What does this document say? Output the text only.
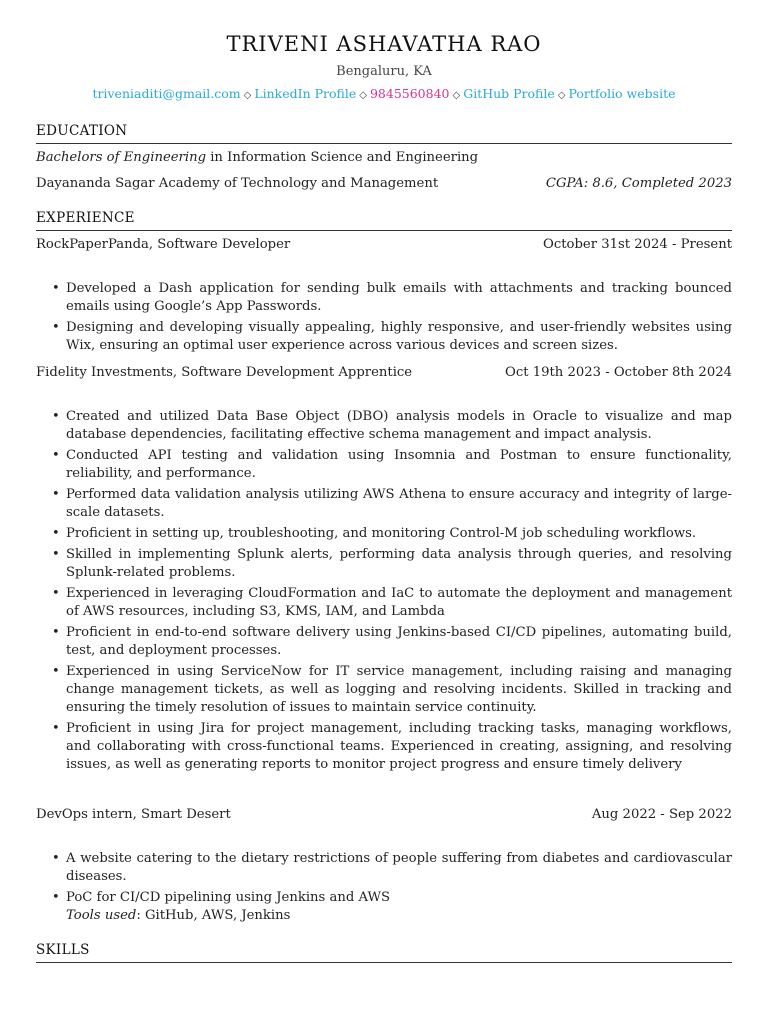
TRIVENI ASHAVATHA RAO
Bengaluru, KA
triveniaditi@gmail.com ◇ LinkedIn Profile ◇ 9845560840 ◇ GitHub Profile ◇ Portfolio website
EDUCATION
Bachelors of Engineering in Information Science and Engineering
Dayananda Sagar Academy of Technology and Management	CGPA: 8.6, Completed 2023
EXPERIENCE
RockPaperPanda, Software Developer	October 31st 2024 - Present
• Developed a Dash application for sending bulk emails with attachments and tracking bounced emails using Google’s App Passwords.
• Designing and developing visually appealing, highly responsive, and user-friendly websites using Wix, ensuring an optimal user experience across various devices and screen sizes.
Fidelity Investments, Software Development Apprentice	Oct 19th 2023 - October 8th 2024
• Created and utilized Data Base Object (DBO) analysis models in Oracle to visualize and map database dependencies, facilitating effective schema management and impact analysis.
• Conducted API testing and validation using Insomnia and Postman to ensure functionality, reliability, and performance.
• Performed data validation analysis utilizing AWS Athena to ensure accuracy and integrity of large-scale datasets.
• Proficient in setting up, troubleshooting, and monitoring Control-M job scheduling workflows.
• Skilled in implementing Splunk alerts, performing data analysis through queries, and resolving Splunk-related problems.
• Experienced in leveraging CloudFormation and IaC to automate the deployment and management of AWS resources, including S3, KMS, IAM, and Lambda
• Proficient in end-to-end software delivery using Jenkins-based CI/CD pipelines, automating build, test, and deployment processes.
• Experienced in using ServiceNow for IT service management, including raising and managing change management tickets, as well as logging and resolving incidents. Skilled in tracking and ensuring the timely resolution of issues to maintain service continuity.
• Proficient in using Jira for project management, including tracking tasks, managing workflows, and collaborating with cross-functional teams. Experienced in creating, assigning, and resolving issues, as well as generating reports to monitor project progress and ensure timely delivery
DevOps intern, Smart Desert	Aug 2022 - Sep 2022
• A website catering to the dietary restrictions of people suffering from diabetes and cardiovascular diseases.
• PoC for CI/CD pipelining using Jenkins and AWS
Tools used: GitHub, AWS, Jenkins
SKILLS
